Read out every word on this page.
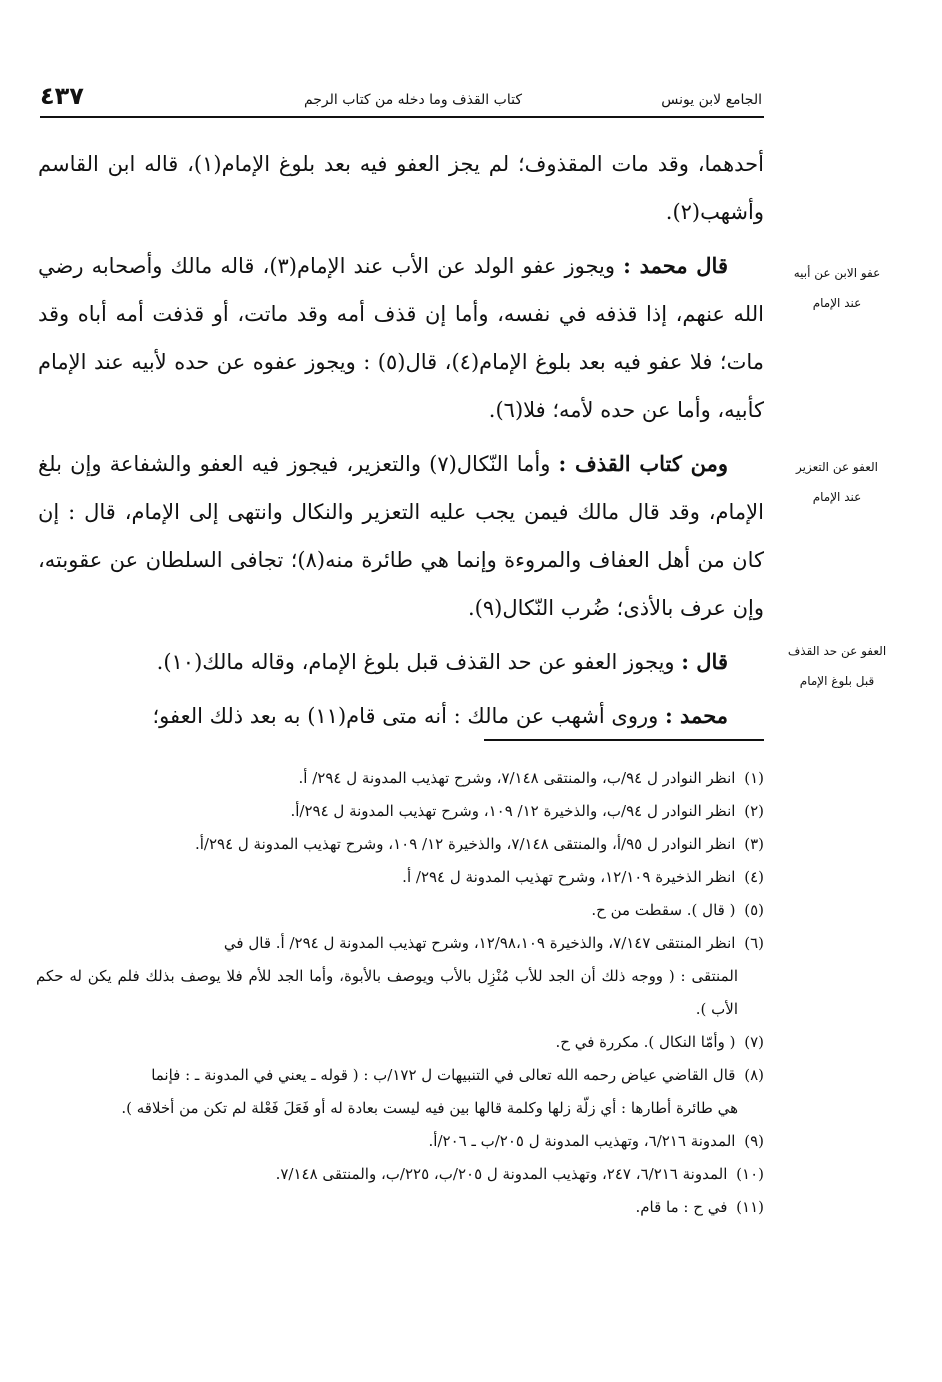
الجامع لابن يونس
كتاب القذف وما دخله من كتاب الرجم
٤٣٧

أحدهما، وقد مات المقذوف؛ لم يجز العفو فيه بعد بلوغ الإمام(١)، قاله ابن القاسم وأشهب(٢).

قال محمد : ويجوز عفو الولد عن الأب عند الإمام(٣)، قاله مالك وأصحابه رضي الله عنهم، إذا قذفه في نفسه، وأما إن قذف أمه وقد ماتت، أو قذفت أمه أباه وقد مات؛ فلا عفو فيه بعد بلوغ الإمام(٤)، قال(٥) : ويجوز عفوه عن حده لأبيه عند الإمام كأبيه، وأما عن حده لأمه؛ فلا(٦).

ومن كتاب القذف : وأما النّكال(٧) والتعزير، فيجوز فيه العفو والشفاعة وإن بلغ الإمام، وقد قال مالك فيمن يجب عليه التعزير والنكال وانتهى إلى الإمام، قال : إن كان من أهل العفاف والمروءة وإنما هي طائرة منه(٨)؛ تجافى السلطان عن عقوبته، وإن عرف بالأذى؛ ضُرب النّكال(٩).

قال : ويجوز العفو عن حد القذف قبل بلوغ الإمام، وقاله مالك(١٠).

محمد : وروى أشهب عن مالك : أنه متى قام(١١) به بعد ذلك العفو؛

عفو الابن عن أبيه
عند الإمام
العفو عن التعزير
عند الإمام
العفو عن حد القذف
قبل بلوغ الإمام

(١) انظر النوادر ل ٩٤/ب، والمنتقى ٧/١٤٨، وشرح تهذيب المدونة ل ٢٩٤/ أ.

(٢) انظر النوادر ل ٩٤/ب، والذخيرة ١٢/ ١٠٩، وشرح تهذيب المدونة ل ٢٩٤/أ.

(٣) انظر النوادر ل ٩٥/أ، والمنتقى ٧/١٤٨، والذخيرة ١٢/ ١٠٩، وشرح تهذيب المدونة ل ٢٩٤/أ.

(٤) انظر الذخيرة ١٢/١٠٩، وشرح تهذيب المدونة ل ٢٩٤/ أ.

(٥) ( قال ). سقطت من ح.

(٦) انظر المنتقى ٧/١٤٧، والذخيرة ١٢/٩٨،١٠٩، وشرح تهذيب المدونة ل ٢٩٤/ أ. قال في
المنتقى : ( ووجه ذلك أن الجد للأب مُنْزِل بالأب ويوصف بالأبوة، وأما الجد للأم فلا يوصف بذلك فلم يكن له حكم الأب ).

(٧) ( وأمّا النكال ). مكررة في ح.

(٨) قال القاضي عياض رحمه الله تعالى في التنبيهات ل ١٧٢/ب : ( قوله ـ يعني في المدونة ـ : فإنما
هي طائرة أطارها : أي زلّة زلها وكلمة قالها بين فيه ليست بعادة له أو فَعَلَ فَعْلة لم تكن من أخلاقه ).

(٩) المدونة ٦/٢١٦، وتهذيب المدونة ل ٢٠٥/ب ـ ٢٠٦/أ.

(١٠) المدونة ٦/٢١٦، ٢٤٧، وتهذيب المدونة ل ٢٠٥/ب، ٢٢٥/ب، والمنتقى ٧/١٤٨.

(١١) في ح : ما قام.
